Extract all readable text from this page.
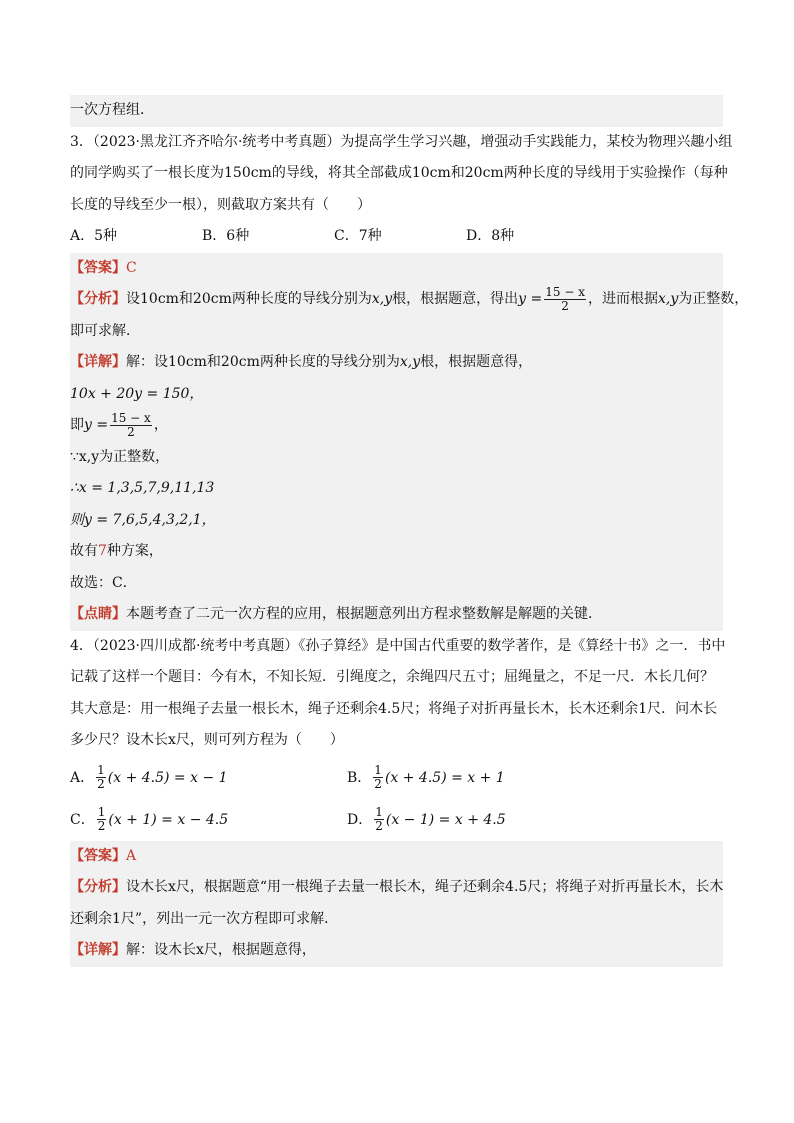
一次方程组．
3．（2023·黑龙江齐齐哈尔·统考中考真题）为提高学生学习兴趣，增强动手实践能力，某校为物理兴趣小组
的同学购买了一根长度为150cm的导线，将其全部截成10cm和20cm两种长度的导线用于实验操作（每种
长度的导线至少一根），则截取方案共有（　　）
A．5种	B．6种	C．7种	D．8种
【答案】C
【分析】设10cm和20cm两种长度的导线分别为x,y根，根据题意，得出$y = \frac{15 - x}{2}$ ，进而根据x,y为正整数，
即可求解．
【详解】解：设10cm和20cm两种长度的导线分别为x,y根，根据题意得，
10x + 20y = 150，
即$y = \frac{15 - x}{2}$ ，
∵x,y为正整数，
∴x = 1,3,5,7,9,11,13
则y = 7,6,5,4,3,2,1，
故有7种方案，
故选：C．
【点睛】本题考查了二元一次方程的应用，根据题意列出方程求整数解是解题的关键．
4．（2023·四川成都·统考中考真题）《孙子算经》是中国古代重要的数学著作，是《算经十书》之一．书中
记载了这样一个题目：今有木，不知长短．引绳度之，余绳四尺五寸；屈绳量之，不足一尺．木长几何？
其大意是：用一根绳子去量一根长木，绳子还剩余4.5尺；将绳子对折再量长木，长木还剩余1尺．问木长
多少尺？设木长x尺，则可列方程为（　　）
A． $\frac{1}{2} (x + 4.5) = x - 1$	B． $\frac{1}{2} (x + 4.5) = x + 1$
C． $\frac{1}{2} (x + 1) = x - 4.5$	D． $\frac{1}{2} (x - 1) = x + 4.5$
【答案】A
【分析】设木长x尺，根据题意“用一根绳子去量一根长木，绳子还剩余4.5尺；将绳子对折再量长木，长木
还剩余1尺”，列出一元一次方程即可求解．
【详解】解：设木长x尺，根据题意得，
